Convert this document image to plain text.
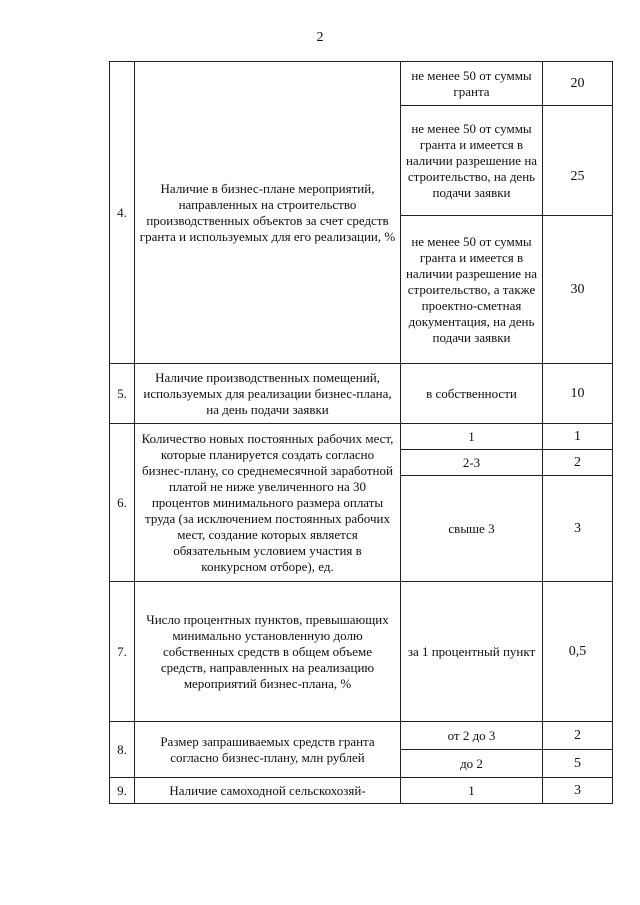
2
4.	Наличие в бизнес-плане мероприятий, направленных на строительство производственных объектов за счет средств гранта и используемых для его реализации, %	не менее 50 от суммы гранта	20
		не менее 50 от суммы гранта и имеется в наличии разрешение на строительство, на день подачи заявки	25
		не менее 50 от суммы гранта и имеется в наличии разрешение на строительство, а также проектно-сметная документация, на день подачи заявки	30
5.	Наличие производственных помещений, используемых для реализации бизнес-плана, на день подачи заявки	в собственности	10
6.	Количество новых постоянных рабочих мест, которые планируется создать согласно бизнес-плану, со среднемесячной заработной платой не ниже увеличенного на 30 процентов минимального размера оплаты труда (за исключением постоянных рабочих мест, создание которых является обязательным условием участия в конкурсном отборе), ед.	1	1
		2-3	2
		свыше 3	3
7.	Число процентных пунктов, превышающих минимально установленную долю собственных средств в общем объеме средств, направленных на реализацию мероприятий бизнес-плана, %	за 1 процентный пункт	0,5
8.	Размер запрашиваемых средств гранта согласно бизнес-плану, млн рублей	от 2 до 3	2
		до 2	5
9.	Наличие самоходной сельскохозяй-	1	3
